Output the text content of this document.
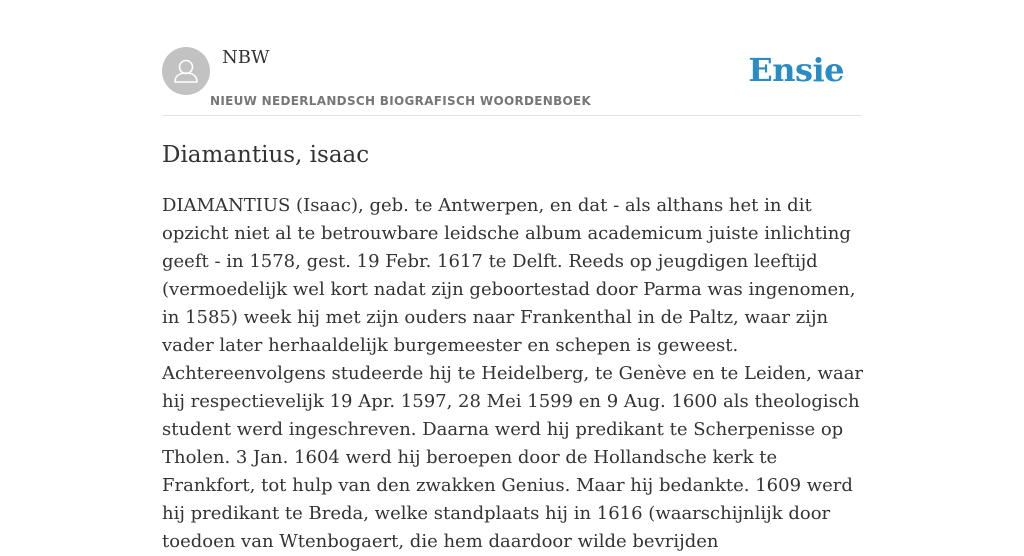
NBW
NIEUW NEDERLANDSCH BIOGRAFISCH WOORDENBOEK
Ensie
Diamantius, isaac

DIAMANTIUS (Isaac), geb. te Antwerpen, en dat - als althans het in dit opzicht niet al te betrouwbare leidsche album academicum juiste inlichting geeft - in 1578, gest. 19 Febr. 1617 te Delft. Reeds op jeugdigen leeftijd (vermoedelijk wel kort nadat zijn geboortestad door Parma was ingenomen, in 1585) week hij met zijn ouders naar Frankenthal in de Paltz, waar zijn vader later herhaaldelijk burgemeester en schepen is geweest. Achtereenvolgens studeerde hij te Heidelberg, te Genève en te Leiden, waar hij respectievelijk 19 Apr. 1597, 28 Mei 1599 en 9 Aug. 1600 als theologisch student werd ingeschreven. Daarna werd hij predikant te Scherpenisse op Tholen. 3 Jan. 1604 werd hij beroepen door de Hollandsche kerk te Frankfort, tot hulp van den zwakken Genius. Maar hij bedankte. 1609 werd hij predikant te Breda, welke standplaats hij in 1616 (waarschijnlijk door toedoen van Wtenbogaert, die hem daardoor wilde bevrijden
